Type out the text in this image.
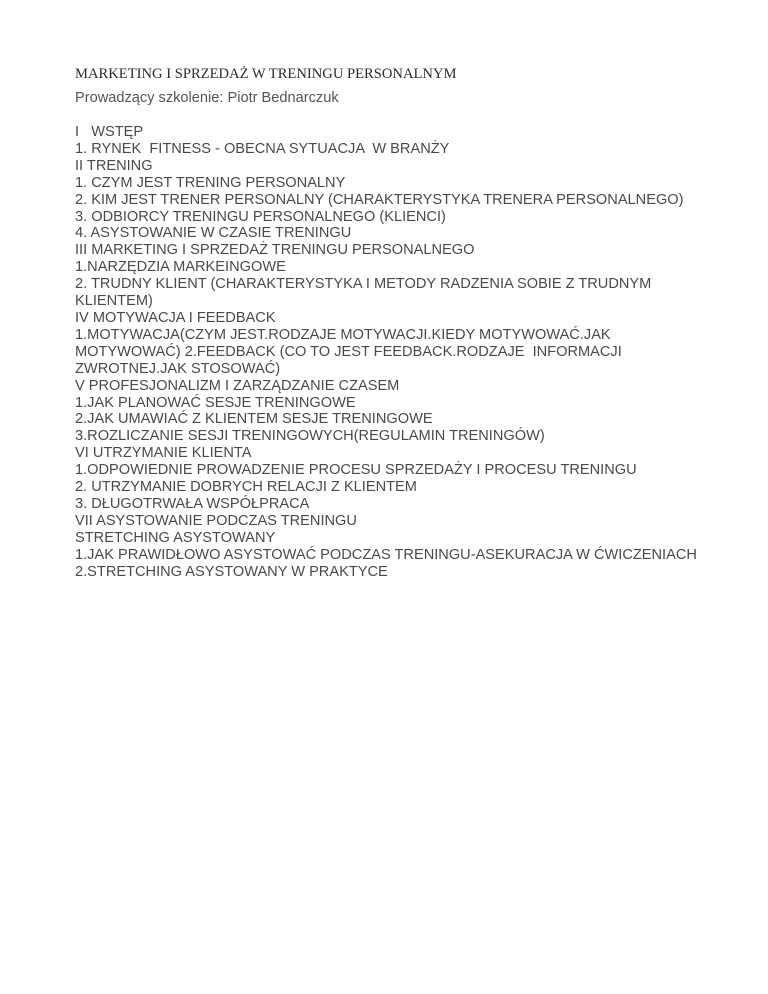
MARKETING I SPRZEDAŻ W TRENINGU PERSONALNYM
Prowadzący szkolenie: Piotr Bednarczuk
I   WSTĘP
1. RYNEK  FITNESS - OBECNA SYTUACJA  W BRANŻY
II TRENING
1. CZYM JEST TRENING PERSONALNY
2. KIM JEST TRENER PERSONALNY (CHARAKTERYSTYKA TRENERA PERSONALNEGO)
3. ODBIORCY TRENINGU PERSONALNEGO (KLIENCI)
4. ASYSTOWANIE W CZASIE TRENINGU
III MARKETING I SPRZEDAŻ TRENINGU PERSONALNEGO
1.NARZĘDZIA MARKEINGOWE
2. TRUDNY KLIENT (CHARAKTERYSTYKA I METODY RADZENIA SOBIE Z TRUDNYM
KLIENTEM)
IV MOTYWACJA I FEEDBACK
1.MOTYWACJA(CZYM JEST.RODZAJE MOTYWACJI.KIEDY MOTYWOWAĆ.JAK
MOTYWOWAĆ) 2.FEEDBACK (CO TO JEST FEEDBACK.RODZAJE  INFORMACJI
ZWROTNEJ.JAK STOSOWAĆ)
V PROFESJONALIZM I ZARZĄDZANIE CZASEM
1.JAK PLANOWAĆ SESJE TRENINGOWE
2.JAK UMAWIAĆ Z KLIENTEM SESJE TRENINGOWE
3.ROZLICZANIE SESJI TRENINGOWYCH(REGULAMIN TRENINGÓW)
VI UTRZYMANIE KLIENTA
1.ODPOWIEDNIE PROWADZENIE PROCESU SPRZEDAŻY I PROCESU TRENINGU
2. UTRZYMANIE DOBRYCH RELACJI Z KLIENTEM
3. DŁUGOTRWAŁA WSPÓŁPRACA
VII ASYSTOWANIE PODCZAS TRENINGU
STRETCHING ASYSTOWANY
1.JAK PRAWIDŁOWO ASYSTOWAĆ PODCZAS TRENINGU-ASEKURACJA W ĆWICZENIACH
2.STRETCHING ASYSTOWANY W PRAKTYCE
